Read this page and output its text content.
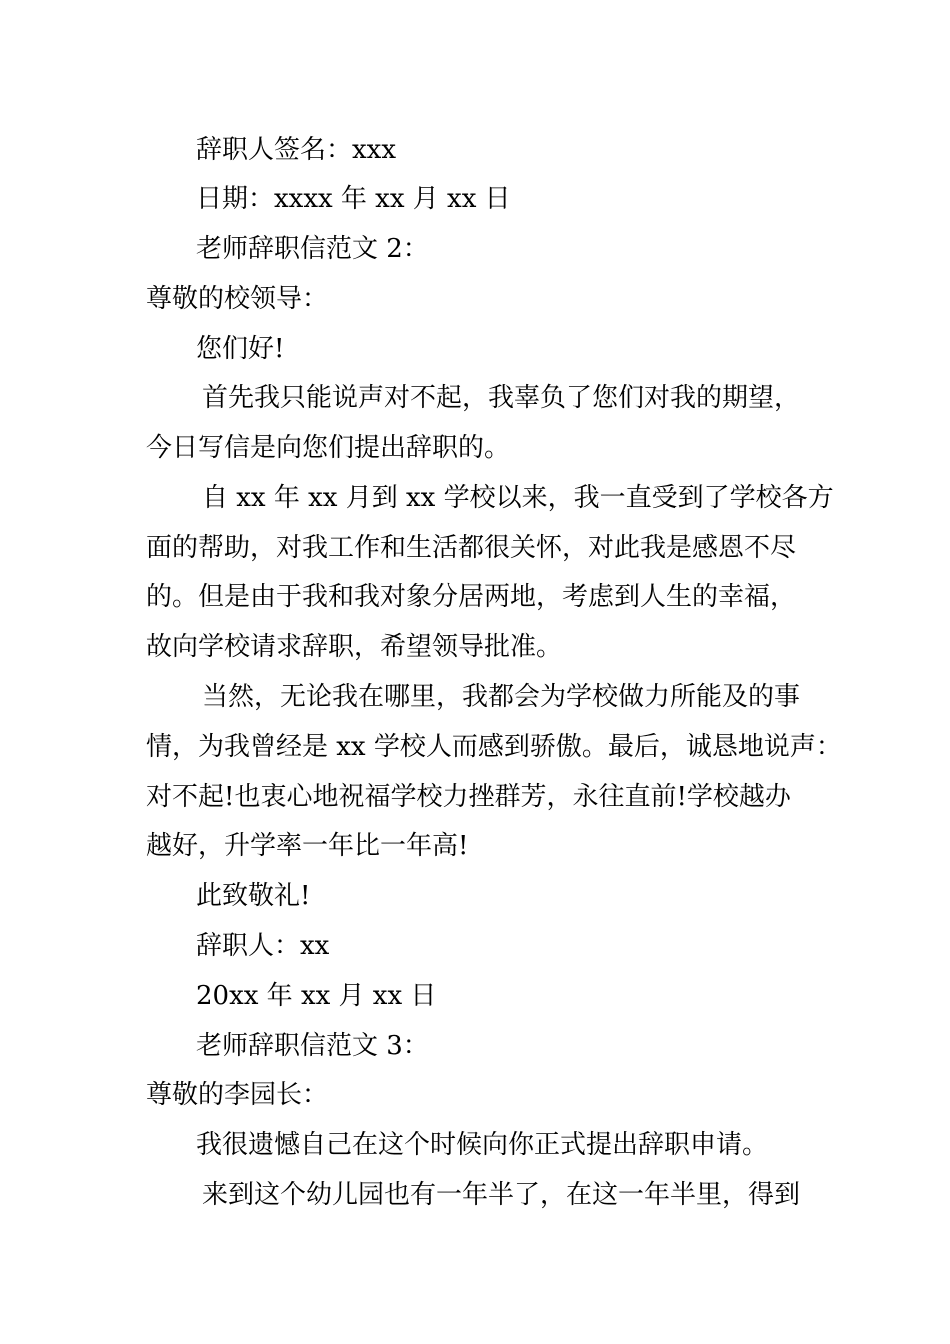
辞职人签名：xxx
日期：xxxx 年 xx 月 xx 日
老师辞职信范文 2：
尊敬的校领导：
您们好!
首先我只能说声对不起，我辜负了您们对我的期望，
今日写信是向您们提出辞职的。
自 xx 年 xx 月到 xx 学校以来，我一直受到了学校各方
面的帮助，对我工作和生活都很关怀，对此我是感恩不尽
的。但是由于我和我对象分居两地，考虑到人生的幸福，
故向学校请求辞职，希望领导批准。
当然，无论我在哪里，我都会为学校做力所能及的事
情，为我曾经是 xx 学校人而感到骄傲。最后，诚恳地说声：
对不起!也衷心地祝福学校力挫群芳，永往直前!学校越办
越好，升学率一年比一年高!
此致敬礼!
辞职人：xx
20xx 年 xx 月 xx 日
老师辞职信范文 3：
尊敬的李园长：
我很遗憾自己在这个时候向你正式提出辞职申请。
来到这个幼儿园也有一年半了，在这一年半里，得到
